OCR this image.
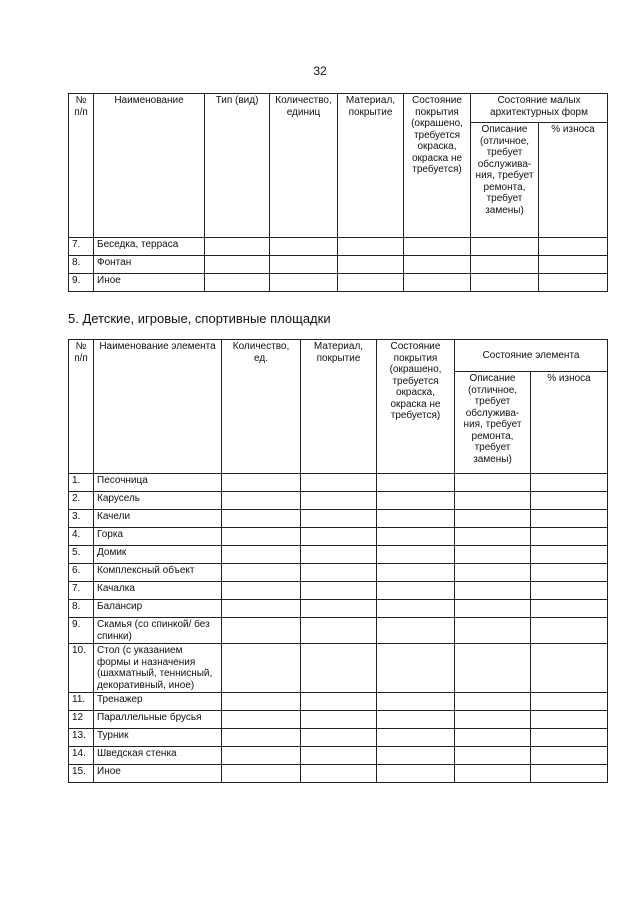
32
№ п/п	Наименование	Тип (вид)	Количество, единиц	Материал, покрытие	Состояние покрытия (окрашено, требуется окраска, окраска не требуется)	Состояние малых архитектурных форм	
						Описание (отличное, требует обслужива-ния, требует ремонта, требует замены)	% износа
7.	Беседка, терраса						
8.	Фонтан						
9.	Иное						
5. Детские, игровые, спортивные площадки
№ п/п	Наименование элемента	Количество, ед.	Материал, покрытие	Состояние покрытия (окрашено, требуется окраска, окраска не требуется)	Состояние элемента	
					Описание (отличное, требует обслужива-ния, требует ремонта, требует замены)	% износа
1.	Песочница					
2.	Карусель					
3.	Качели					
4.	Горка					
5.	Домик					
6.	Комплексный объект					
7.	Качалка					
8.	Балансир					
9.	Скамья (со спинкой/ без спинки)					
10.	Стол (с указанием формы и назначения (шахматный, теннисный, декоративный, иное)					
11.	Тренажер					
12	Параллельные брусья					
13.	Турник					
14.	Шведская стенка					
15.	Иное					
